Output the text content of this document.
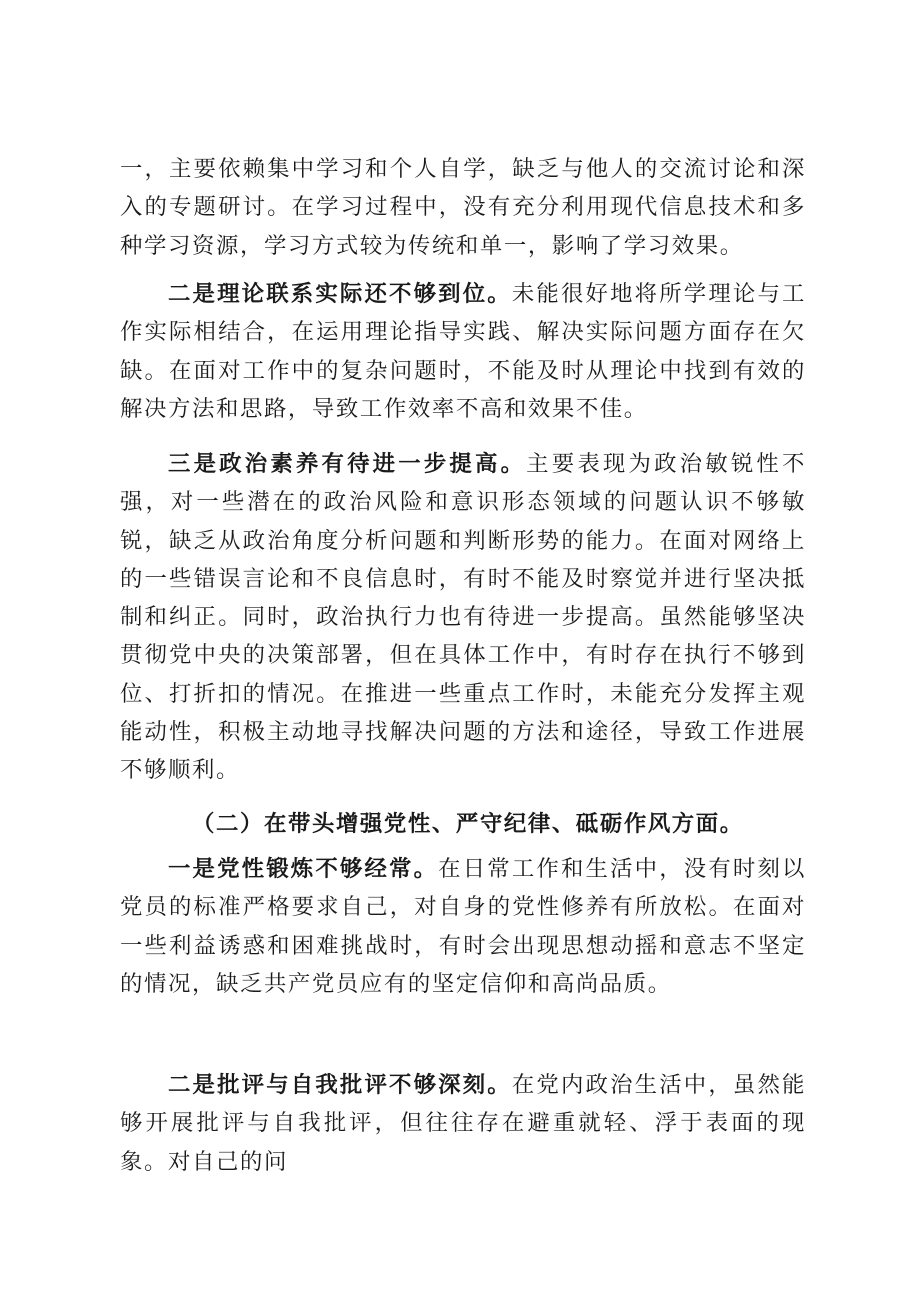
一，主要依赖集中学习和个人自学，缺乏与他人的交流讨论和深入的专题研讨。在学习过程中，没有充分利用现代信息技术和多种学习资源，学习方式较为传统和单一，影响了学习效果。

二是理论联系实际还不够到位。未能很好地将所学理论与工作实际相结合，在运用理论指导实践、解决实际问题方面存在欠缺。在面对工作中的复杂问题时，不能及时从理论中找到有效的解决方法和思路，导致工作效率不高和效果不佳。

三是政治素养有待进一步提高。主要表现为政治敏锐性不强，对一些潜在的政治风险和意识形态领域的问题认识不够敏锐，缺乏从政治角度分析问题和判断形势的能力。在面对网络上的一些错误言论和不良信息时，有时不能及时察觉并进行坚决抵制和纠正。同时，政治执行力也有待进一步提高。虽然能够坚决贯彻党中央的决策部署，但在具体工作中，有时存在执行不够到位、打折扣的情况。在推进一些重点工作时，未能充分发挥主观能动性，积极主动地寻找解决问题的方法和途径，导致工作进展不够顺利。

（二）在带头增强党性、严守纪律、砥砺作风方面。

一是党性锻炼不够经常。在日常工作和生活中，没有时刻以党员的标准严格要求自己，对自身的党性修养有所放松。在面对一些利益诱惑和困难挑战时，有时会出现思想动摇和意志不坚定的情况，缺乏共产党员应有的坚定信仰和高尚品质。

二是批评与自我批评不够深刻。在党内政治生活中，虽然能够开展批评与自我批评，但往往存在避重就轻、浮于表面的现象。对自己的问
